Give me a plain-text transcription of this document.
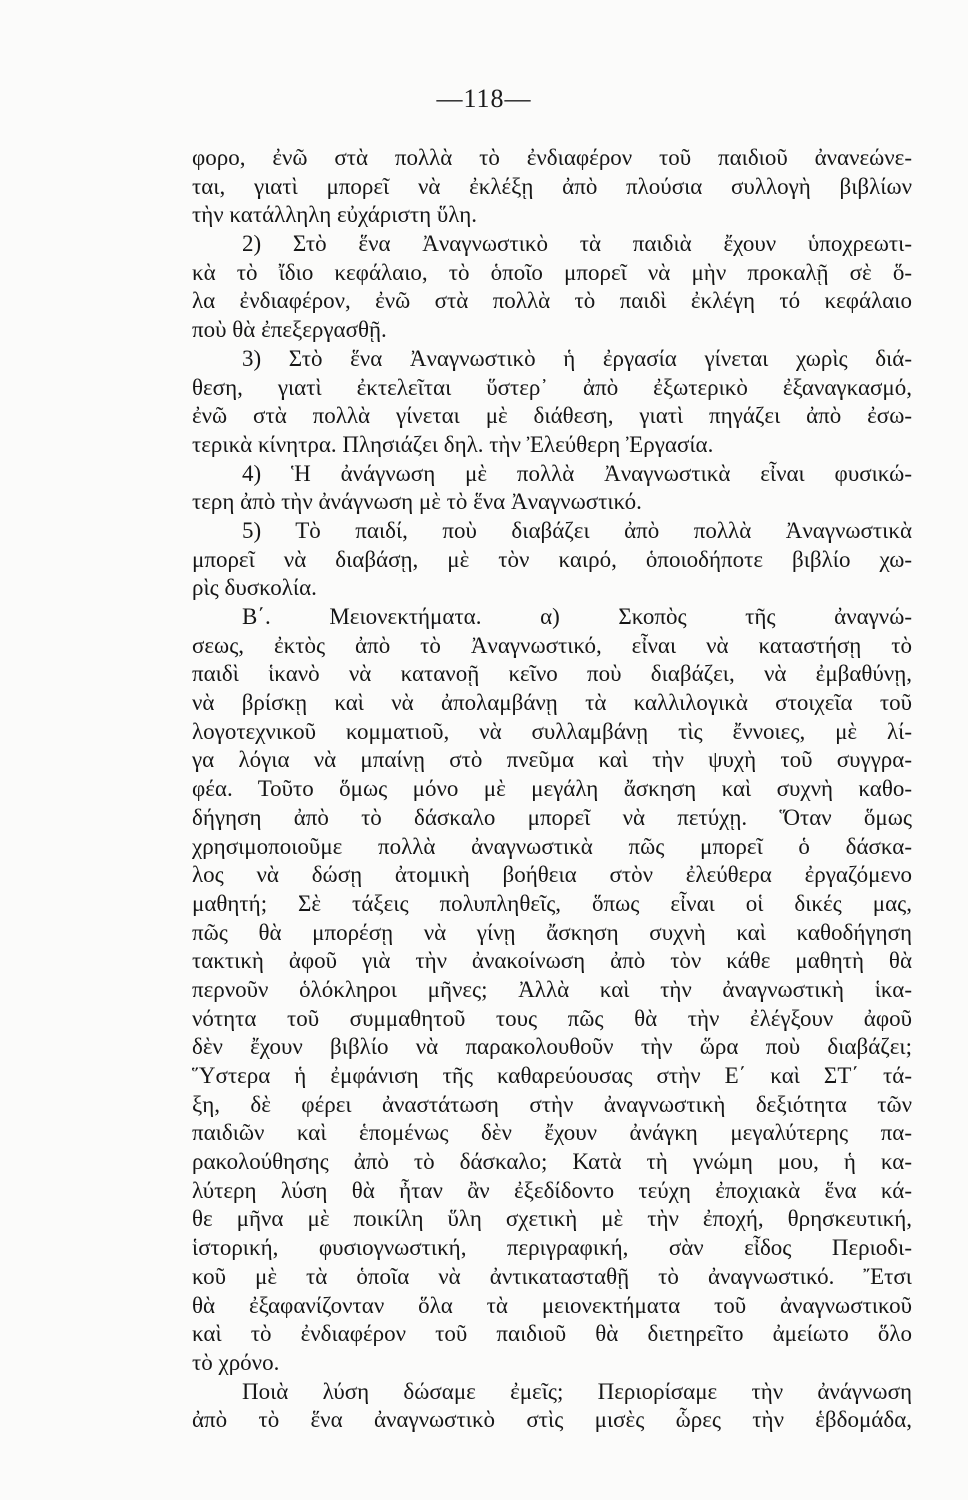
—118—
φορο, ἐνῶ στὰ πολλὰ τὸ ἐνδιαφέρον τοῦ παιδιοῦ ἀνανεώνε-
ται, γιατὶ μπορεῖ νὰ ἐκλέξῃ ἀπὸ πλούσια συλλογὴ βιβλίων
τὴν κατάλληλη εὐχάριστη ὕλη.
2) Στὸ ἕνα Ἀναγνωστικὸ τὰ παιδιὰ ἔχουν ὑποχρεωτι-
κὰ τὸ ἴδιο κεφάλαιο, τὸ ὁποῖο μπορεῖ νὰ μὴν προκαλῇ σὲ ὅ-
λα ἐνδιαφέρον, ἐνῶ στὰ πολλὰ τὸ παιδὶ ἐκλέγη τό κεφάλαιο
ποὺ θὰ ἐπεξεργασθῇ.
3) Στὸ ἕνα Ἀναγνωστικὸ ἡ ἐργασία γίνεται χωρὶς διά-
θεση, γιατὶ ἐκτελεῖται ὕστερ᾽ ἀπὸ ἐξωτερικὸ ἐξαναγκασμό,
ἐνῶ στὰ πολλὰ γίνεται μὲ διάθεση, γιατὶ πηγάζει ἀπὸ ἐσω-
τερικὰ κίνητρα. Πλησιάζει δηλ. τὴν Ἐλεύθερη Ἐργασία.
4) Ἡ ἀνάγνωση μὲ πολλὰ Ἀναγνωστικὰ εἶναι φυσικώ-
τερη ἀπὸ τὴν ἀνάγνωση μὲ τὸ ἕνα Ἀναγνωστικό.
5) Τὸ παιδί, ποὺ διαβάζει ἀπὸ πολλὰ Ἀναγνωστικὰ
μπορεῖ νὰ διαβάσῃ, μὲ τὸν καιρό, ὁποιοδήποτε βιβλίο χω-
ρὶς δυσκολία.
Β΄. Μειονεκτήματα. α) Σκοπὸς τῆς ἀναγνώ-
σεως, ἐκτὸς ἀπὸ τὸ Ἀναγνωστικό, εἶναι νὰ καταστήσῃ τὸ
παιδὶ ἱκανὸ νὰ κατανοῇ κεῖνο ποὺ διαβάζει, νὰ ἐμβαθύνῃ,
νὰ βρίσκῃ καὶ νὰ ἀπολαμβάνῃ τὰ καλλιλογικὰ στοιχεῖα τοῦ
λογοτεχνικοῦ κομματιοῦ, νὰ συλλαμβάνῃ τὶς ἔννοιες, μὲ λί-
γα λόγια νὰ μπαίνῃ στὸ πνεῦμα καὶ τὴν ψυχὴ τοῦ συγγρα-
φέα. Τοῦτο ὅμως μόνο μὲ μεγάλη ἄσκηση καὶ συχνὴ καθο-
δήγηση ἀπὸ τὸ δάσκαλο μπορεῖ νὰ πετύχῃ. Ὅταν ὅμως
χρησιμοποιοῦμε πολλὰ ἀναγνωστικὰ πῶς μπορεῖ ὁ δάσκα-
λος νὰ δώσῃ ἀτομικὴ βοήθεια στὸν ἐλεύθερα ἐργαζόμενο
μαθητή; Σὲ τάξεις πολυπληθεῖς, ὅπως εἶναι οἱ δικές μας,
πῶς θὰ μπορέσῃ νὰ γίνῃ ἄσκηση συχνὴ καὶ καθοδήγηση
τακτικὴ ἀφοῦ γιὰ τὴν ἀνακοίνωση ἀπὸ τὸν κάθε μαθητὴ θὰ
περνοῦν ὁλόκληροι μῆνες; Ἀλλὰ καὶ τὴν ἀναγνωστικὴ ἱκα-
νότητα τοῦ συμμαθητοῦ τους πῶς θὰ τὴν ἐλέγξουν ἀφοῦ
δὲν ἔχουν βιβλίο νὰ παρακολουθοῦν τὴν ὥρα ποὺ διαβάζει;
Ὕστερα ἡ ἐμφάνιση τῆς καθαρεύουσας στὴν Ε΄ καὶ ΣΤ΄ τά-
ξη, δὲ φέρει ἀναστάτωση στὴν ἀναγνωστικὴ δεξιότητα τῶν
παιδιῶν καὶ ἑπομένως δὲν ἔχουν ἀνάγκη μεγαλύτερης πα-
ρακολούθησης ἀπὸ τὸ δάσκαλο; Κατὰ τὴ γνώμη μου, ἡ κα-
λύτερη λύση θὰ ἦταν ἂν ἐξεδίδοντο τεύχη ἐποχιακὰ ἕνα κά-
θε μῆνα μὲ ποικίλη ὕλη σχετικὴ μὲ τὴν ἐποχή, θρησκευτική,
ἱστορική, φυσιογνωστική, περιγραφική, σὰν εἶδος Περιοδι-
κοῦ μὲ τὰ ὁποῖα νὰ ἀντικατασταθῇ τὸ ἀναγνωστικό. Ἔτσι
θὰ ἐξαφανίζονταν ὅλα τὰ μειονεκτήματα τοῦ ἀναγνωστικοῦ
καὶ τὸ ἐνδιαφέρον τοῦ παιδιοῦ θὰ διετηρεῖτο ἀμείωτο ὅλο
τὸ χρόνο.
Ποιὰ λύση δώσαμε ἐμεῖς; Περιορίσαμε τὴν ἀνάγνωση
ἀπὸ τὸ ἕνα ἀναγνωστικὸ στὶς μισὲς ὧρες τὴν ἑβδομάδα,
